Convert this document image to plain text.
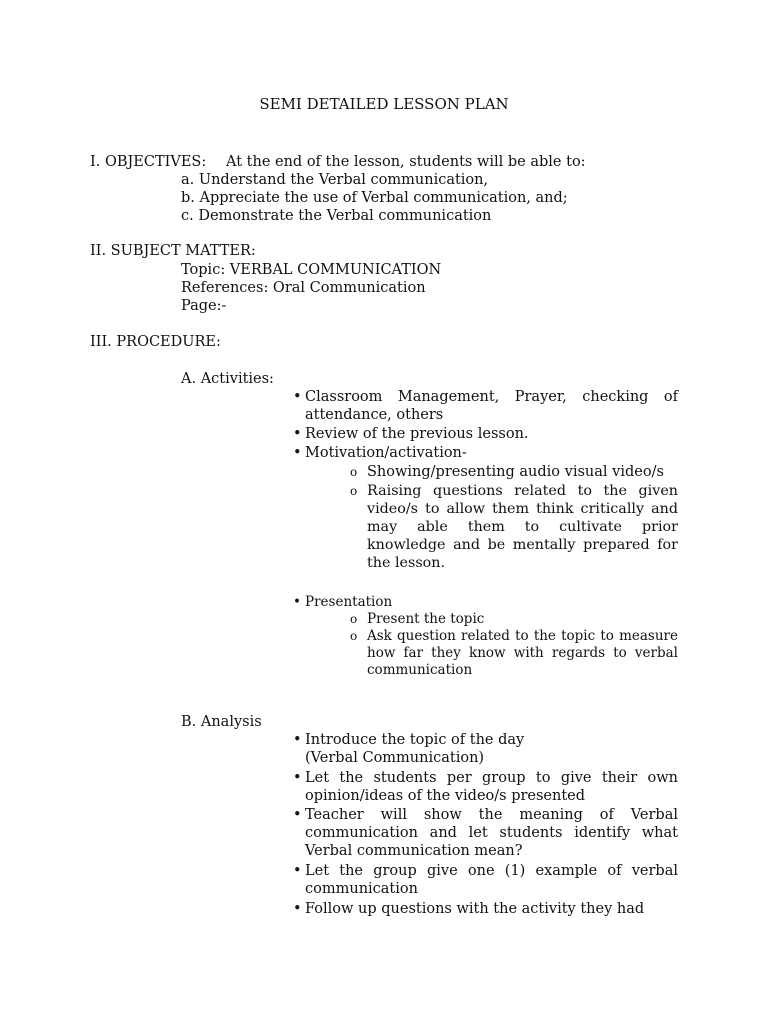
SEMI DETAILED LESSON PLAN
I. OBJECTIVES: At the end of the lesson, students will be able to:
a. Understand the Verbal communication,
b. Appreciate the use of Verbal communication, and;
c. Demonstrate the Verbal communication
II. SUBJECT MATTER:
Topic: VERBAL COMMUNICATION
References: Oral Communication
Page:-
III. PROCEDURE:
A. Activities:
• Classroom Management, Prayer, checking of attendance, others
• Review of the previous lesson.
• Motivation/activation-
o Showing/presenting audio visual video/s
o Raising questions related to the given video/s to allow them think critically and may able them to cultivate prior knowledge and be mentally prepared for the lesson.
• Presentation
o Present the topic
o Ask question related to the topic to measure how far they know with regards to verbal communication
B. Analysis
• Introduce the topic of the day
(Verbal Communication)
• Let the students per group to give their own opinion/ideas of the video/s presented
• Teacher will show the meaning of Verbal communication and let students identify what Verbal communication mean?
• Let the group give one (1) example of verbal communication
• Follow up questions with the activity they had
